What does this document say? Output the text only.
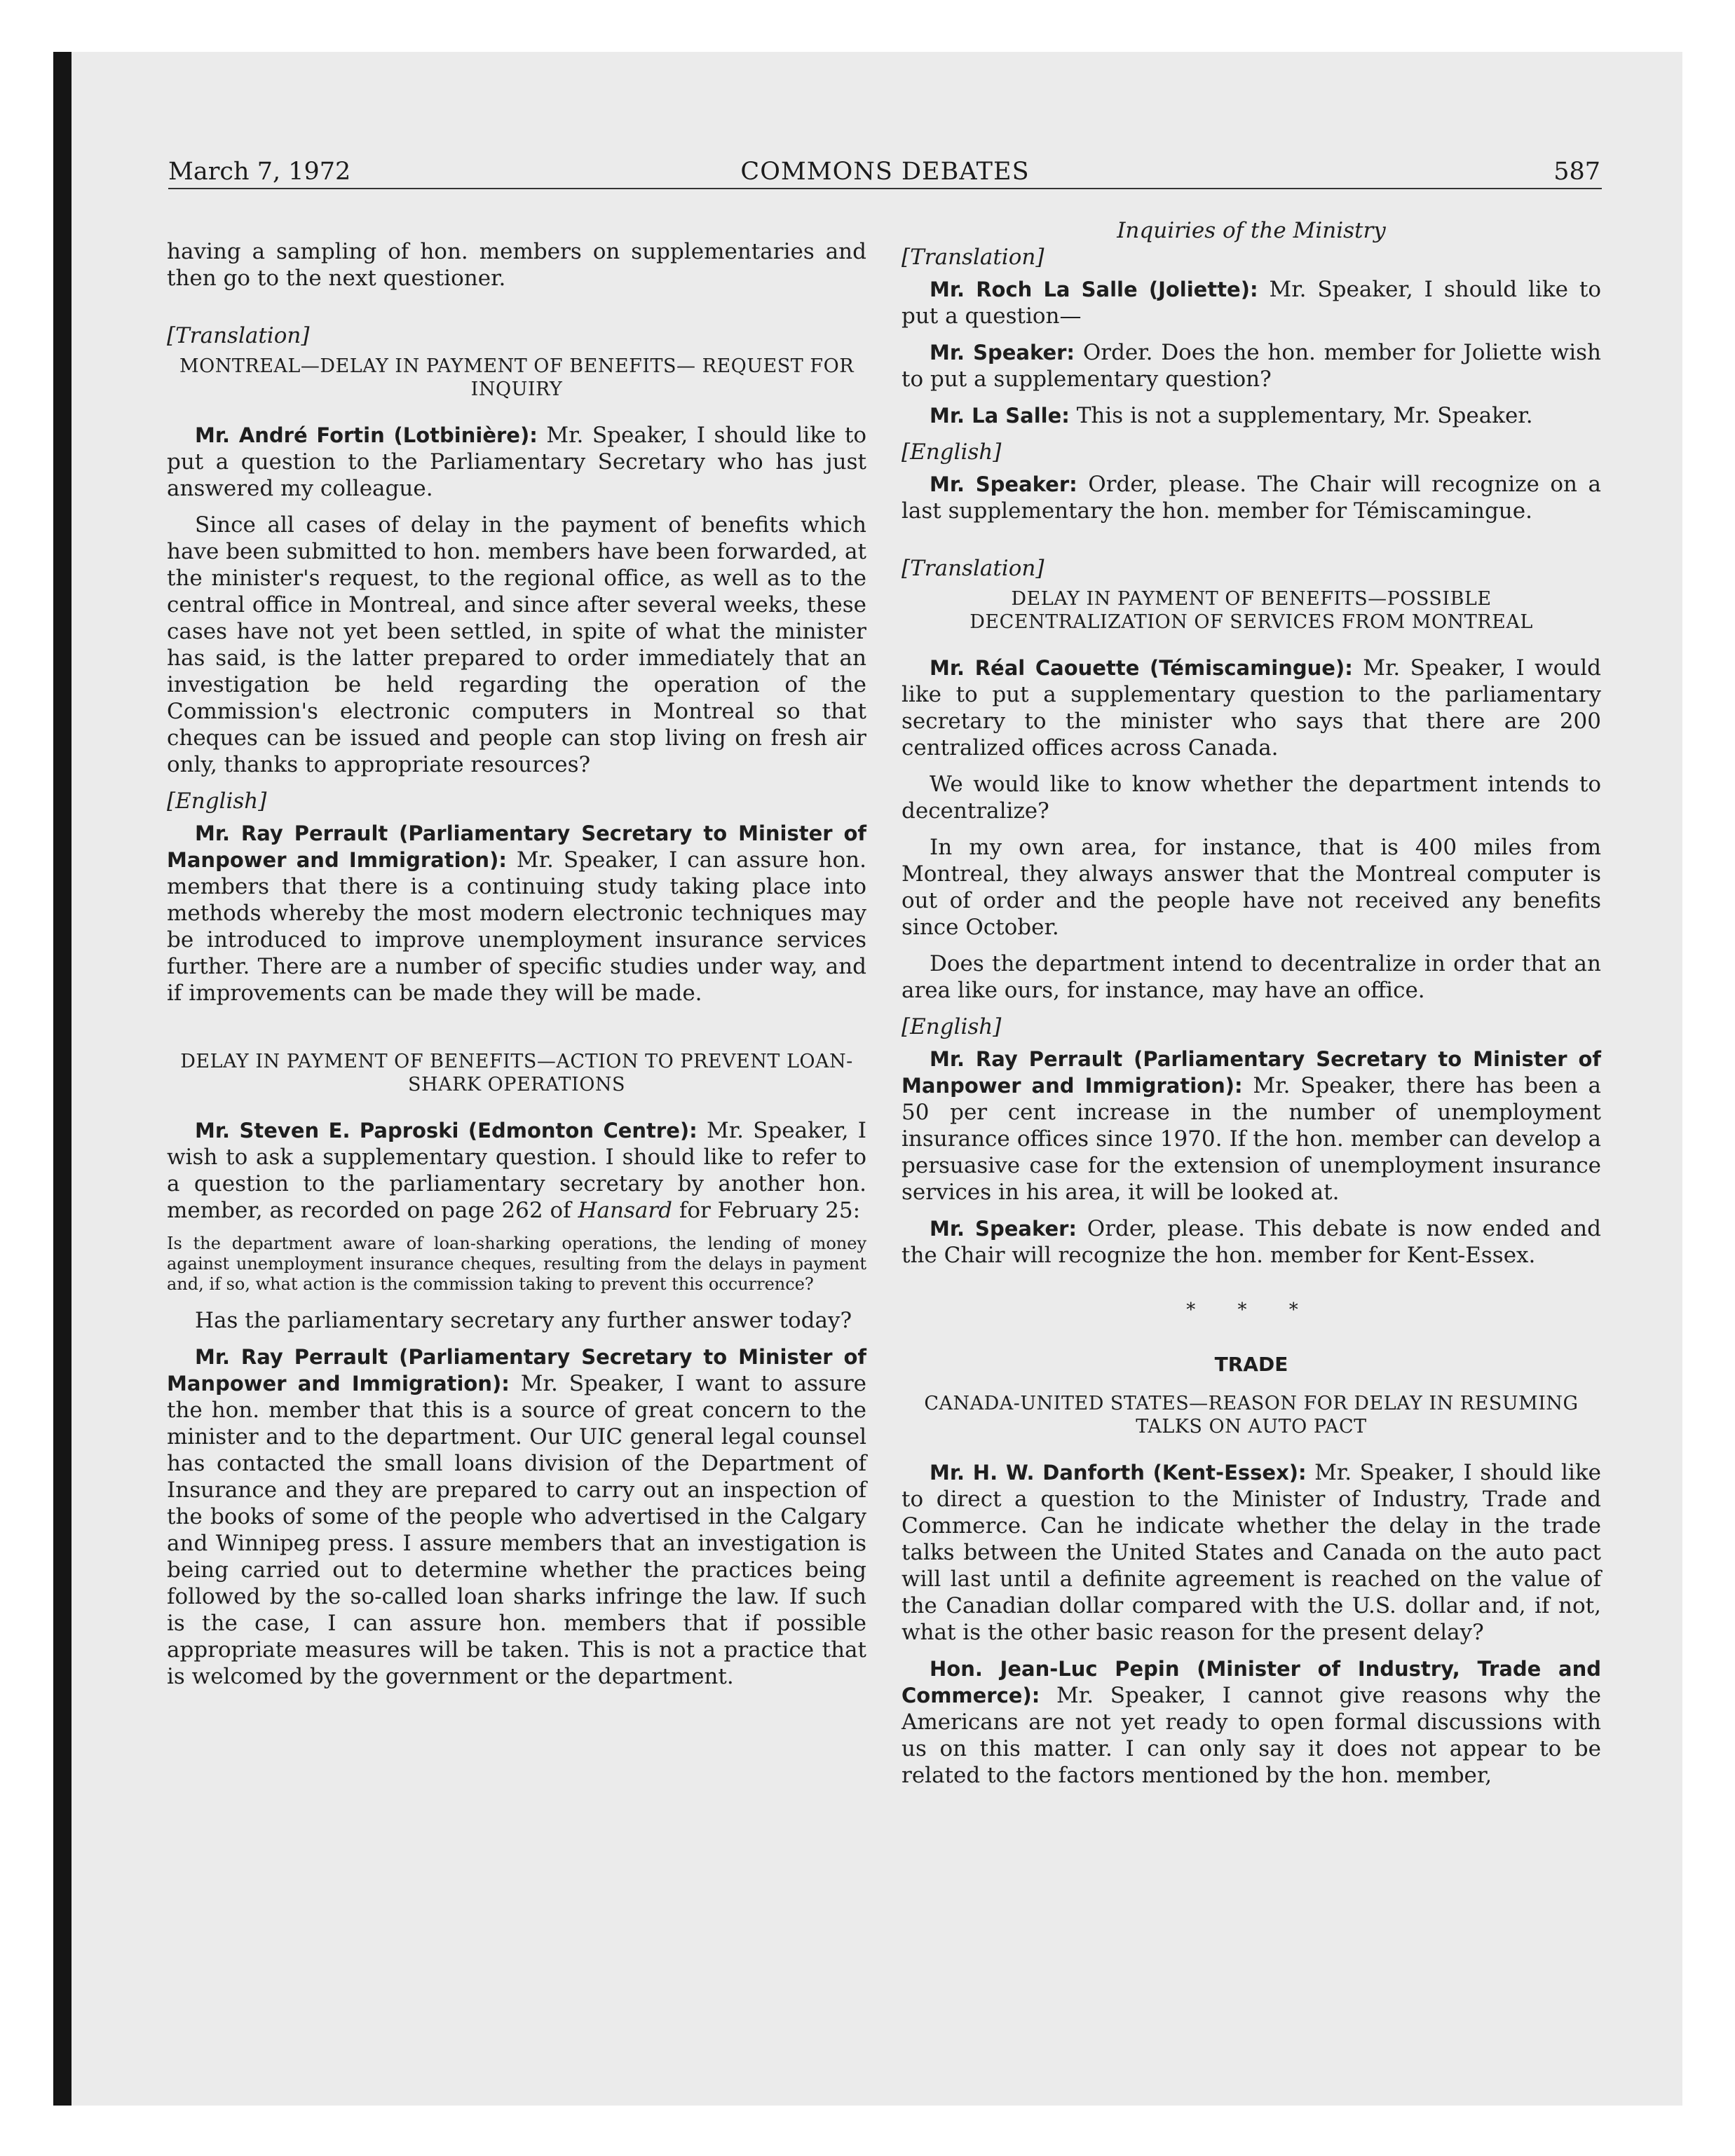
March 7, 1972	COMMONS DEBATES	587

having a sampling of hon. members on supplementaries and then go to the next questioner.

[Translation]
MONTREAL—DELAY IN PAYMENT OF BENEFITS— REQUEST FOR INQUIRY

Mr. André Fortin (Lotbinière): Mr. Speaker, I should like to put a question to the Parliamentary Secretary who has just answered my colleague.

Since all cases of delay in the payment of benefits which have been submitted to hon. members have been forwarded, at the minister's request, to the regional office, as well as to the central office in Montreal, and since after several weeks, these cases have not yet been settled, in spite of what the minister has said, is the latter prepared to order immediately that an investigation be held regarding the operation of the Commission's electronic computers in Montreal so that cheques can be issued and people can stop living on fresh air only, thanks to appropriate resources?

[English]

Mr. Ray Perrault (Parliamentary Secretary to Minister of Manpower and Immigration): Mr. Speaker, I can assure hon. members that there is a continuing study taking place into methods whereby the most modern electronic techniques may be introduced to improve unemployment insurance services further. There are a number of specific studies under way, and if improvements can be made they will be made.

DELAY IN PAYMENT OF BENEFITS—ACTION TO PREVENT LOAN-SHARK OPERATIONS

Mr. Steven E. Paproski (Edmonton Centre): Mr. Speaker, I wish to ask a supplementary question. I should like to refer to a question to the parliamentary secretary by another hon. member, as recorded on page 262 of Hansard for February 25:

Is the department aware of loan-sharking operations, the lending of money against unemployment insurance cheques, resulting from the delays in payment and, if so, what action is the commission taking to prevent this occurrence?

Has the parliamentary secretary any further answer today?

Mr. Ray Perrault (Parliamentary Secretary to Minister of Manpower and Immigration): Mr. Speaker, I want to assure the hon. member that this is a source of great concern to the minister and to the department. Our UIC general legal counsel has contacted the small loans division of the Department of Insurance and they are prepared to carry out an inspection of the books of some of the people who advertised in the Calgary and Winnipeg press. I assure members that an investigation is being carried out to determine whether the practices being followed by the so-called loan sharks infringe the law. If such is the case, I can assure hon. members that if possible appropriate measures will be taken. This is not a practice that is welcomed by the government or the department.

Inquiries of the Ministry
[Translation]

Mr. Roch La Salle (Joliette): Mr. Speaker, I should like to put a question—

Mr. Speaker: Order. Does the hon. member for Joliette wish to put a supplementary question?

Mr. La Salle: This is not a supplementary, Mr. Speaker.

[English]

Mr. Speaker: Order, please. The Chair will recognize on a last supplementary the hon. member for Témiscamingue.

[Translation]
DELAY IN PAYMENT OF BENEFITS—POSSIBLE DECENTRALIZATION OF SERVICES FROM MONTREAL

Mr. Réal Caouette (Témiscamingue): Mr. Speaker, I would like to put a supplementary question to the parliamentary secretary to the minister who says that there are 200 centralized offices across Canada.

We would like to know whether the department intends to decentralize?

In my own area, for instance, that is 400 miles from Montreal, they always answer that the Montreal computer is out of order and the people have not received any benefits since October.

Does the department intend to decentralize in order that an area like ours, for instance, may have an office.

[English]

Mr. Ray Perrault (Parliamentary Secretary to Minister of Manpower and Immigration): Mr. Speaker, there has been a 50 per cent increase in the number of unemployment insurance offices since 1970. If the hon. member can develop a persuasive case for the extension of unemployment insurance services in his area, it will be looked at.

Mr. Speaker: Order, please. This debate is now ended and the Chair will recognize the hon. member for Kent-Essex.

* * *
TRADE
CANADA-UNITED STATES—REASON FOR DELAY IN RESUMING TALKS ON AUTO PACT

Mr. H. W. Danforth (Kent-Essex): Mr. Speaker, I should like to direct a question to the Minister of Industry, Trade and Commerce. Can he indicate whether the delay in the trade talks between the United States and Canada on the auto pact will last until a definite agreement is reached on the value of the Canadian dollar compared with the U.S. dollar and, if not, what is the other basic reason for the present delay?

Hon. Jean-Luc Pepin (Minister of Industry, Trade and Commerce): Mr. Speaker, I cannot give reasons why the Americans are not yet ready to open formal discussions with us on this matter. I can only say it does not appear to be related to the factors mentioned by the hon. member,
